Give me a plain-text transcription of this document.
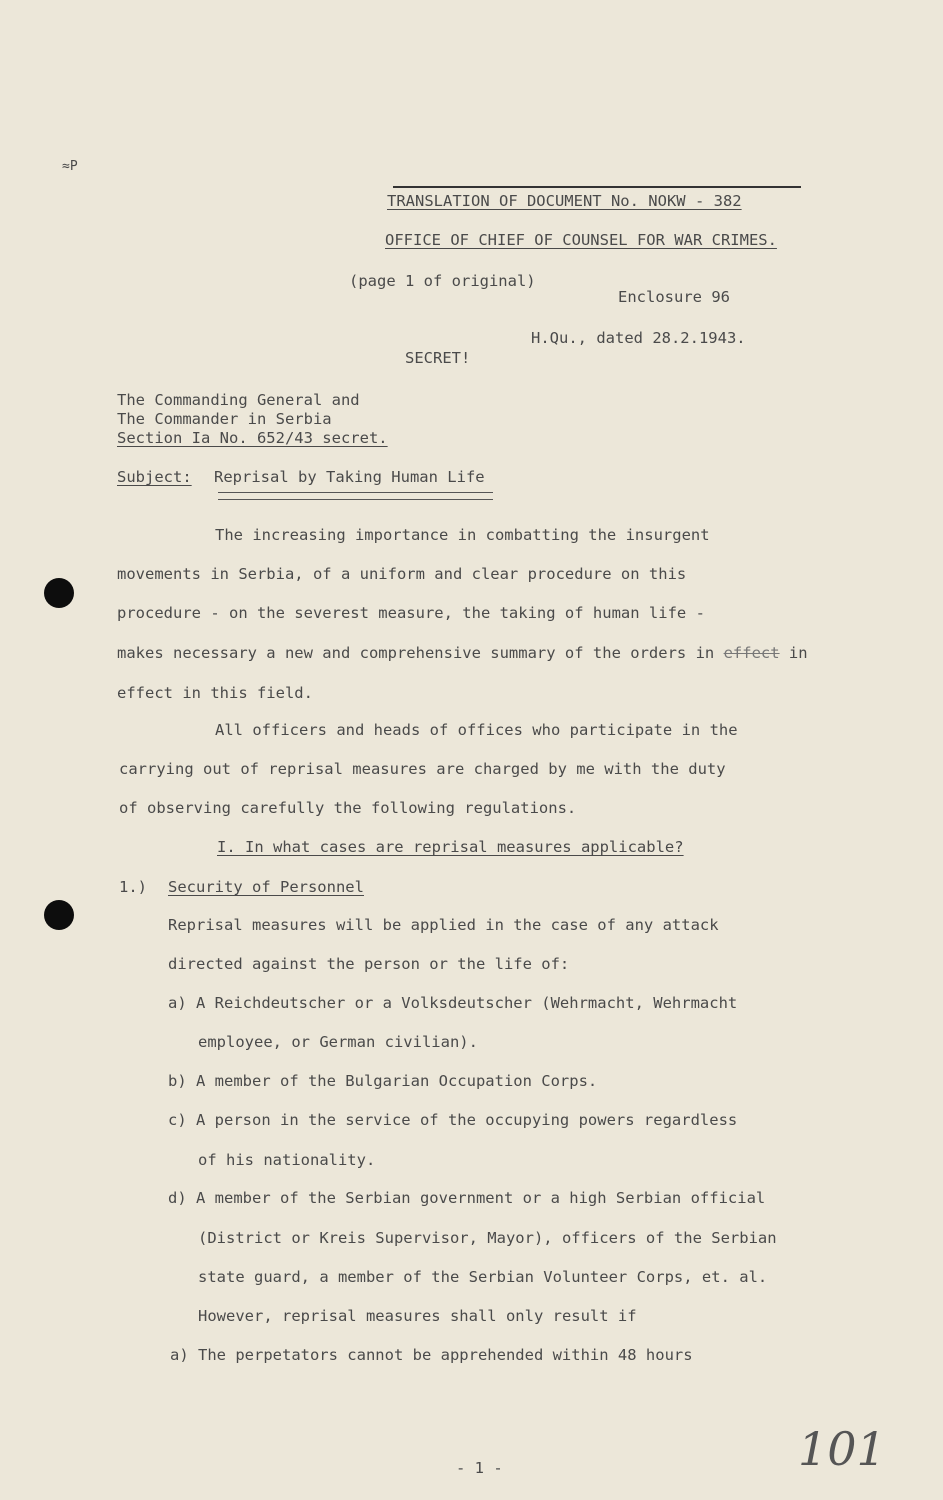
≈P
TRANSLATION OF DOCUMENT No. NOKW - 382
OFFICE OF CHIEF OF COUNSEL FOR WAR CRIMES.
(page 1 of original)
Enclosure 96
H.Qu., dated 28.2.1943.
SECRET!
The Commanding General and
The Commander in Serbia
Section Ia No. 652/43 secret.
Subject: Reprisal by Taking Human Life
The increasing importance in combatting the insurgent
movements in Serbia, of a uniform and clear procedure on this
procedure - on the severest measure, the taking of human life -
makes necessary a new and comprehensive summary of the orders in effect in
effect in this field.
All officers and heads of offices who participate in the
carrying out of reprisal measures are charged by me with the duty
of observing carefully the following regulations.
I. In what cases are reprisal measures applicable?
1.) Security of Personnel
Reprisal measures will be applied in the case of any attack
directed against the person or the life of:
a) A Reichdeutscher or a Volksdeutscher (Wehrmacht, Wehrmacht
employee, or German civilian).
b) A member of the Bulgarian Occupation Corps.
c) A person in the service of the occupying powers regardless
of his nationality.
d) A member of the Serbian government or a high Serbian official
(District or Kreis Supervisor, Mayor), officers of the Serbian
state guard, a member of the Serbian Volunteer Corps, et. al.
However, reprisal measures shall only result if
a) The perpetators cannot be apprehended within 48 hours
- 1 -	101
